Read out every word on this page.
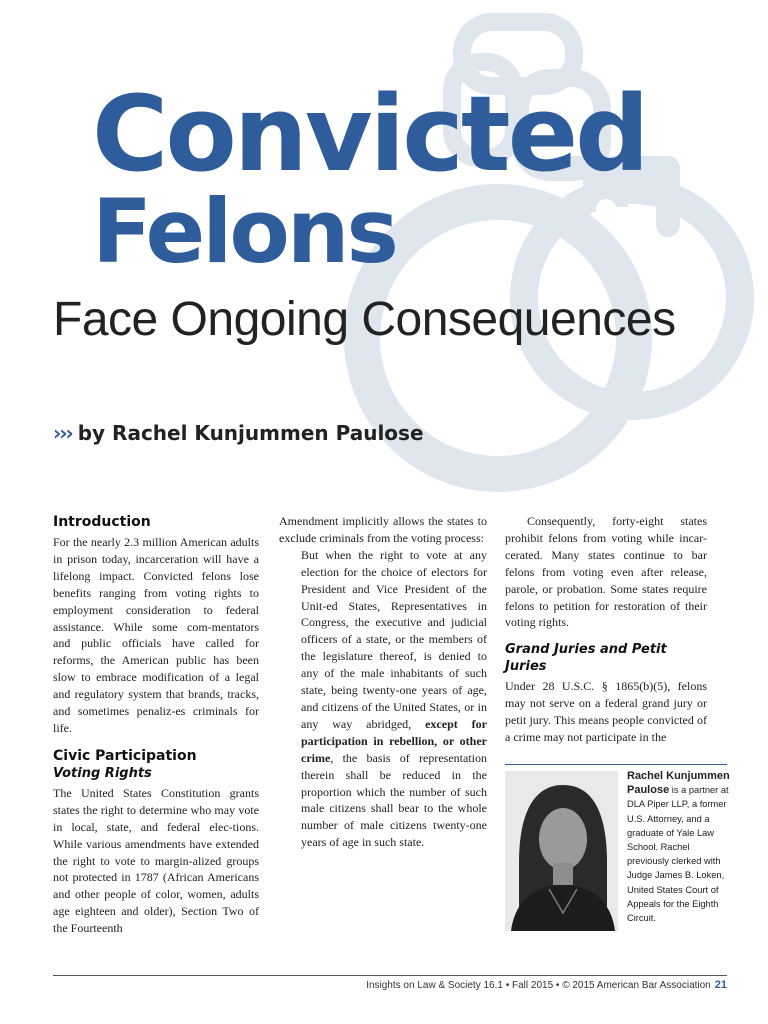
Convicted
Felons
Face Ongoing Consequences
››› by Rachel Kunjummen Paulose
Introduction

For the nearly 2.3 million American adults in prison today, incarceration will have a lifelong impact. Convicted felons lose benefits ranging from voting rights to employment consideration to federal assistance. While some com-mentators and public officials have called for reforms, the American public has been slow to embrace modification of a legal and regulatory system that brands, tracks, and sometimes penaliz-es criminals for life.

Civic Participation
Voting Rights

The United States Constitution grants states the right to determine who may vote in local, state, and federal elec-tions. While various amendments have extended the right to vote to margin-alized groups not protected in 1787 (African Americans and other people of color, women, adults age eighteen and older), Section Two of the Fourteenth

Amendment implicitly allows the states to exclude criminals from the voting process:

But when the right to vote at any election for the choice of electors for President and Vice President of the Unit-ed States, Representatives in Congress, the executive and judicial officers of a state, or the members of the legislature thereof, is denied to any of the male inhabitants of such state, being twenty-one years of age, and citizens of the United States, or in any way abridged, except for participation in rebellion, or other crime, the basis of representation therein shall be reduced in the proportion which the number of such male citizens shall bear to the whole number of male citizens twenty-one years of age in such state.

Consequently, forty-eight states prohibit felons from voting while incar-cerated. Many states continue to bar felons from voting even after release, parole, or probation. Some states require felons to petition for restoration of their voting rights.

Grand Juries and Petit Juries

Under 28 U.S.C. § 1865(b)(5), felons may not serve on a federal grand jury or petit jury. This means people convicted of a crime may not participate in the

Rachel Kunjummen Paulose is a partner at DLA Piper LLP, a former U.S. Attorney, and a graduate of Yale Law School. Rachel previously clerked with Judge James B. Loken, United States Court of Appeals for the Eighth Circuit.
Insights on Law & Society 16.1 • Fall 2015 • © 2015 American Bar Association 21
